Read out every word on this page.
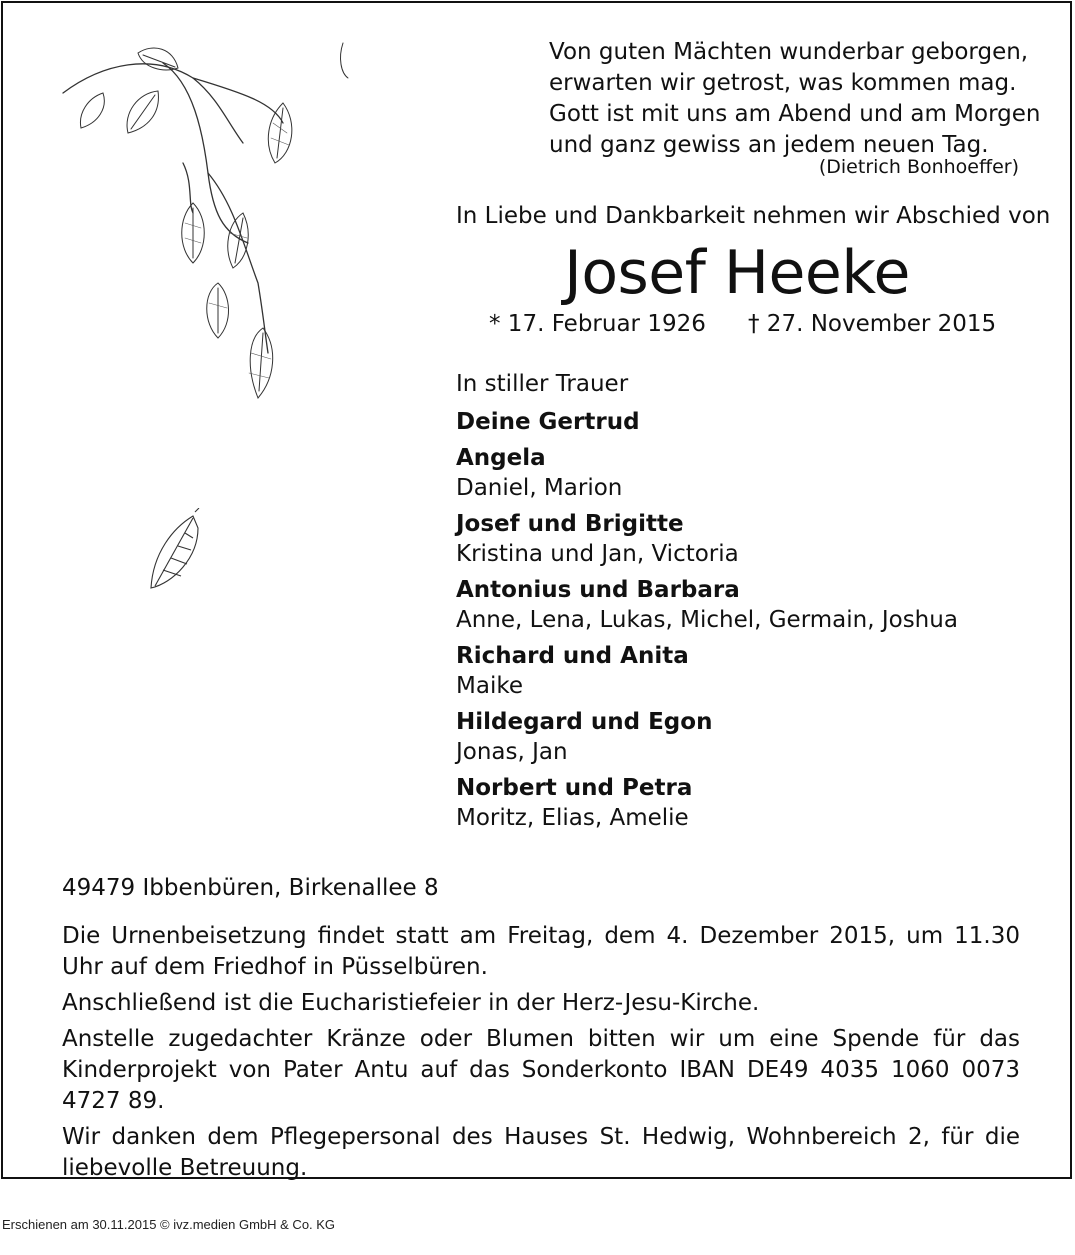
Von guten Mächten wunderbar geborgen,
erwarten wir getrost, was kommen mag.
Gott ist mit uns am Abend und am Morgen
und ganz gewiss an jedem neuen Tag.
(Dietrich Bonhoeffer)
In Liebe und Dankbarkeit nehmen wir Abschied von
Josef Heeke
* 17. Februar 1926 † 27. November 2015
In stiller Trauer
Deine Gertrud
Angela
Daniel, Marion
Josef und Brigitte
Kristina und Jan, Victoria
Antonius und Barbara
Anne, Lena, Lukas, Michel, Germain, Joshua
Richard und Anita
Maike
Hildegard und Egon
Jonas, Jan
Norbert und Petra
Moritz, Elias, Amelie
49479 Ibbenbüren, Birkenallee 8

Die Urnenbeisetzung findet statt am Freitag, dem 4. Dezember 2015, um 11.30 Uhr auf dem Friedhof in Püsselbüren.

Anschließend ist die Eucharistiefeier in der Herz-Jesu-Kirche.

Anstelle zugedachter Kränze oder Blumen bitten wir um eine Spende für das Kinderprojekt von Pater Antu auf das Sonderkonto IBAN DE49 4035 1060 0073 4727 89.

Wir danken dem Pflegepersonal des Hauses St. Hedwig, Wohnbereich 2, für die liebevolle Betreuung.

Erschienen am 30.11.2015 © ivz.medien GmbH & Co. KG
